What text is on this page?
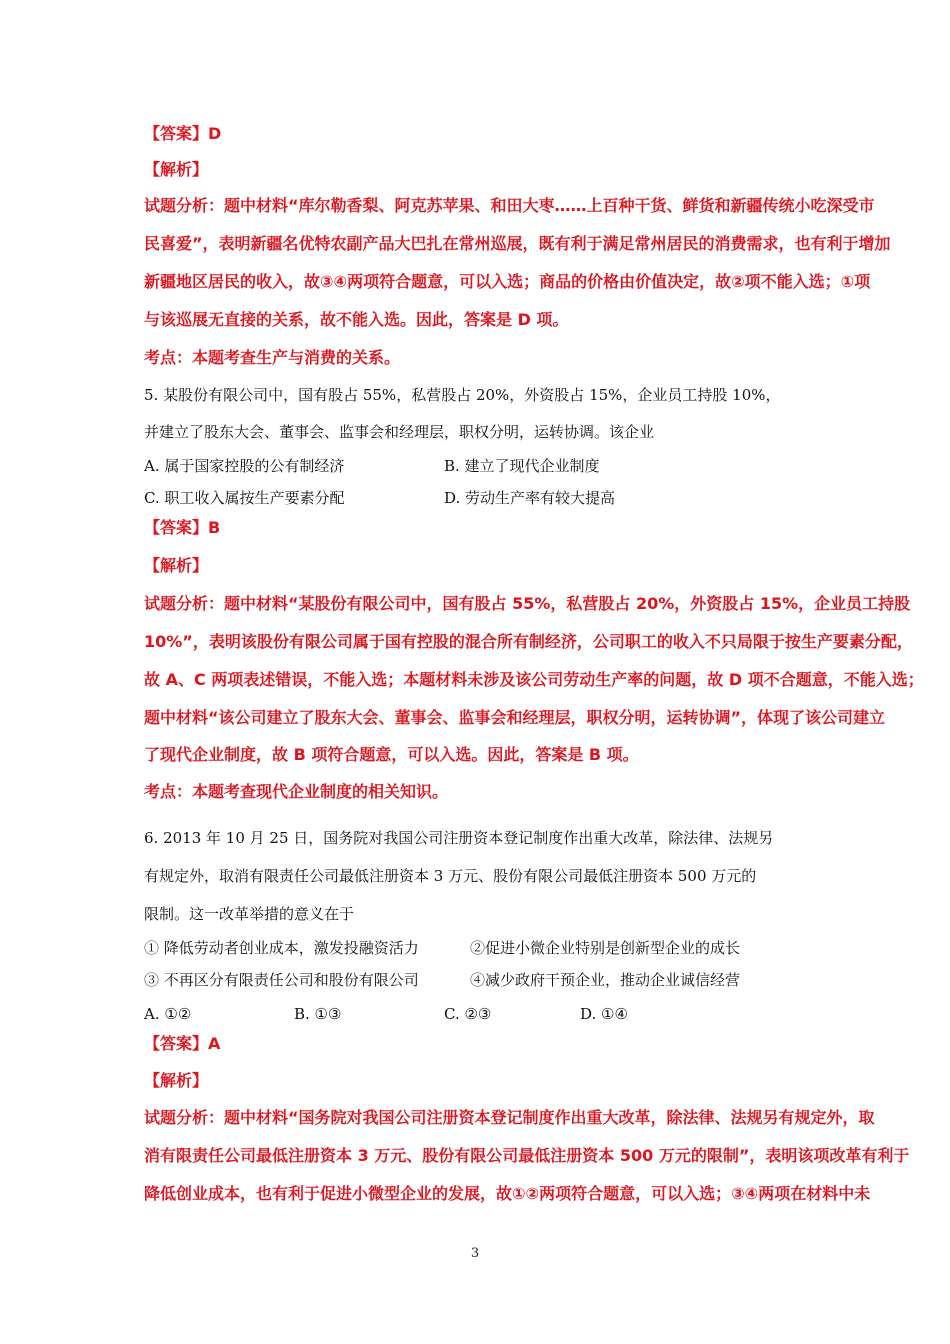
【答案】D
【解析】
试题分析：题中材料“库尔勒香梨、阿克苏苹果、和田大枣……上百种干货、鲜货和新疆传统小吃深受市
民喜爱”，表明新疆名优特农副产品大巴扎在常州巡展，既有利于满足常州居民的消费需求，也有利于增加
新疆地区居民的收入，故③④两项符合题意，可以入选；商品的价格由价值决定，故②项不能入选；①项
与该巡展无直接的关系，故不能入选。因此，答案是 D 项。
考点：本题考查生产与消费的关系。
5. 某股份有限公司中，国有股占 55%，私营股占 20%，外资股占 15%，企业员工持股 10%，
并建立了股东大会、董事会、监事会和经理层，职权分明，运转协调。该企业
A. 属于国家控股的公有制经济	B. 建立了现代企业制度
C. 职工收入属按生产要素分配	D. 劳动生产率有较大提高
【答案】B
【解析】
试题分析：题中材料“某股份有限公司中，国有股占 55%，私营股占 20%，外资股占 15%，企业员工持股
10%”，表明该股份有限公司属于国有控股的混合所有制经济，公司职工的收入不只局限于按生产要素分配，
故 A、C 两项表述错误，不能入选；本题材料未涉及该公司劳动生产率的问题，故 D 项不合题意，不能入选；
题中材料“该公司建立了股东大会、董事会、监事会和经理层，职权分明，运转协调”，体现了该公司建立
了现代企业制度，故 B 项符合题意，可以入选。因此，答案是 B 项。
考点：本题考查现代企业制度的相关知识。
6. 2013 年 10 月 25 日，国务院对我国公司注册资本登记制度作出重大改革，除法律、法规另
有规定外，取消有限责任公司最低注册资本 3 万元、股份有限公司最低注册资本 500 万元的
限制。这一改革举措的意义在于
① 降低劳动者创业成本，激发投融资活力	②促进小微企业特别是创新型企业的成长
③ 不再区分有限责任公司和股份有限公司	④减少政府干预企业，推动企业诚信经营
A. ①②	B. ①③	C. ②③	D. ①④
【答案】A
【解析】
试题分析：题中材料“国务院对我国公司注册资本登记制度作出重大改革，除法律、法规另有规定外，取
消有限责任公司最低注册资本 3 万元、股份有限公司最低注册资本 500 万元的限制”，表明该项改革有利于
降低创业成本，也有利于促进小微型企业的发展，故①②两项符合题意，可以入选；③④两项在材料中未
3
